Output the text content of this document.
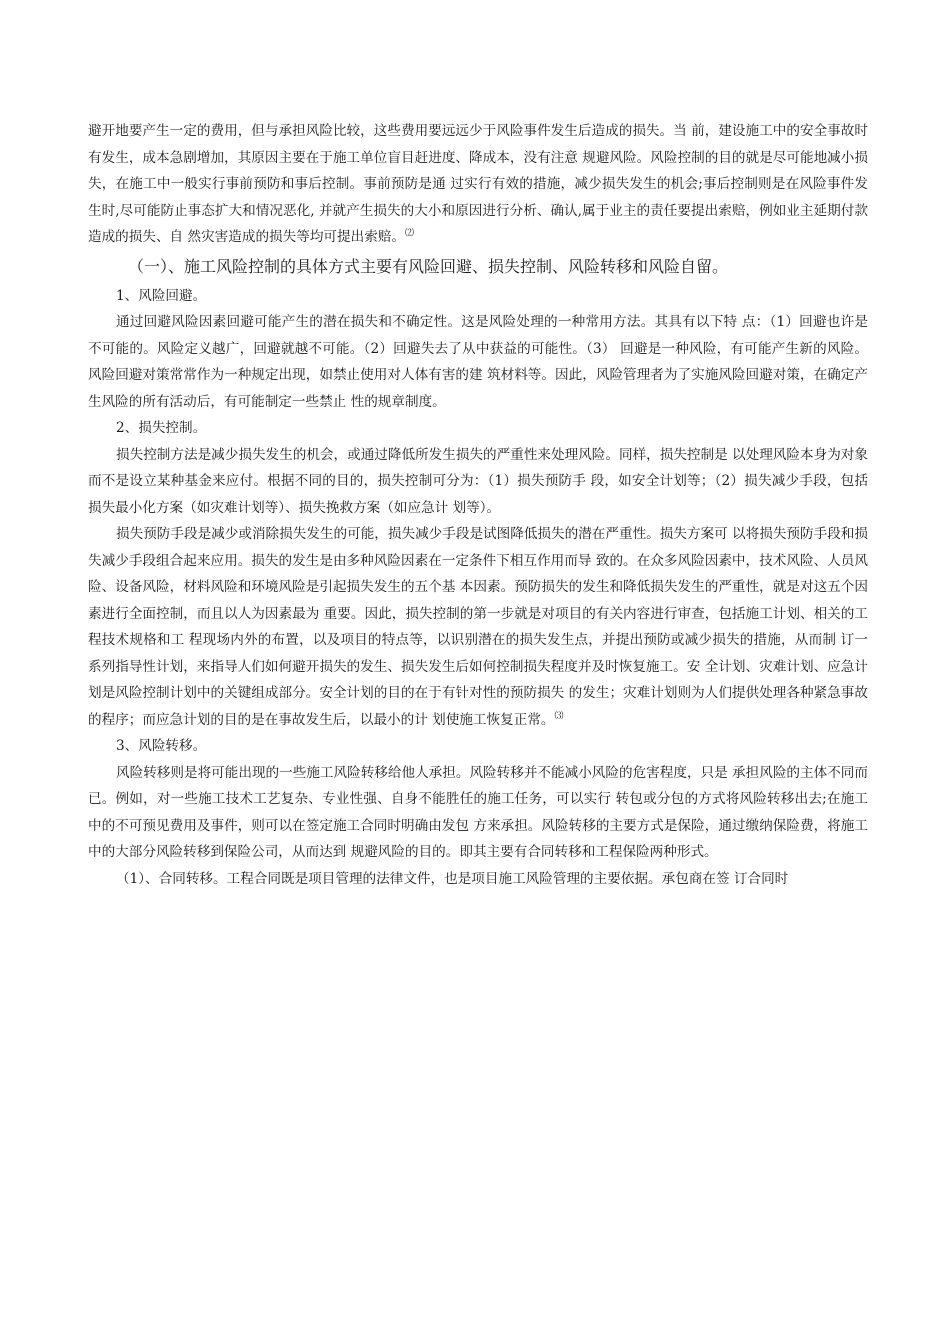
避开地要产生一定的费用，但与承担风险比较，这些费用要远远少于风险事件发生后造成的损失。当 前，建设施工中的安全事故时有发生，成本急剧增加，其原因主要在于施工单位盲目赶进度、降成本，没有注意 规避风险。风险控制的目的就是尽可能地减小损失，在施工中一般实行事前预防和事后控制。事前预防是通 过实行有效的措施，减少损失发生的机会;事后控制则是在风险事件发生时,尽可能防止事态扩大和情况恶化, 并就产生损失的大小和原因进行分析、确认,属于业主的责任要提出索赔，例如业主延期付款造成的损失、自 然灾害造成的损失等均可提出索赔。⑵

（一）、施工风险控制的具体方式主要有风险回避、损失控制、风险转移和风险自留。

1、风险回避。

通过回避风险因素回避可能产生的潜在损失和不确定性。这是风险处理的一种常用方法。其具有以下特 点：（1）回避也许是不可能的。风险定义越广，回避就越不可能。（2）回避失去了从中获益的可能性。（3） 回避是一种风险，有可能产生新的风险。风险回避对策常常作为一种规定出现，如禁止使用对人体有害的建 筑材料等。因此，风险管理者为了实施风险回避对策，在确定产生风险的所有活动后，有可能制定一些禁止 性的规章制度。

2、损失控制。

损失控制方法是减少损失发生的机会，或通过降低所发生损失的严重性来处理风险。同样，损失控制是 以处理风险本身为对象而不是设立某种基金来应付。根据不同的目的，损失控制可分为：（1）损失预防手 段，如安全计划等；（2）损失减少手段，包括损失最小化方案（如灾难计划等）、损失挽救方案（如应急计 划等）。

损失预防手段是减少或消除损失发生的可能，损失减少手段是试图降低损失的潜在严重性。损失方案可 以将损失预防手段和损失减少手段组合起来应用。损失的发生是由多种风险因素在一定条件下相互作用而导 致的。在众多风险因素中，技术风险、人员风险、设备风险，材料风险和环境风险是引起损失发生的五个基 本因素。预防损失的发生和降低损失发生的严重性，就是对这五个因素进行全面控制，而且以人为因素最为 重要。因此，损失控制的第一步就是对项目的有关内容进行审查，包括施工计划、相关的工程技术规格和工 程现场内外的布置，以及项目的特点等，以识别潜在的损失发生点，并提出预防或减少损失的措施，从而制 订一系列指导性计划，来指导人们如何避开损失的发生、损失发生后如何控制损失程度并及时恢复施工。安 全计划、灾难计划、应急计划是风险控制计划中的关键组成部分。安全计划的目的在于有针对性的预防损失 的发生；灾难计划则为人们提供处理各种紧急事故的程序；而应急计划的目的是在事故发生后，以最小的计 划使施工恢复正常。⑶

3、风险转移。

风险转移则是将可能出现的一些施工风险转移给他人承担。风险转移并不能减小风险的危害程度，只是 承担风险的主体不同而已。例如，对一些施工技术工艺复杂、专业性强、自身不能胜任的施工任务，可以实行 转包或分包的方式将风险转移出去;在施工中的不可预见费用及事件，则可以在签定施工合同时明确由发包 方来承担。风险转移的主要方式是保险，通过缴纳保险费，将施工中的大部分风险转移到保险公司，从而达到 规避风险的目的。即其主要有合同转移和工程保险两种形式。

（1）、合同转移。工程合同既是项目管理的法律文件，也是项目施工风险管理的主要依据。承包商在签 订合同时
